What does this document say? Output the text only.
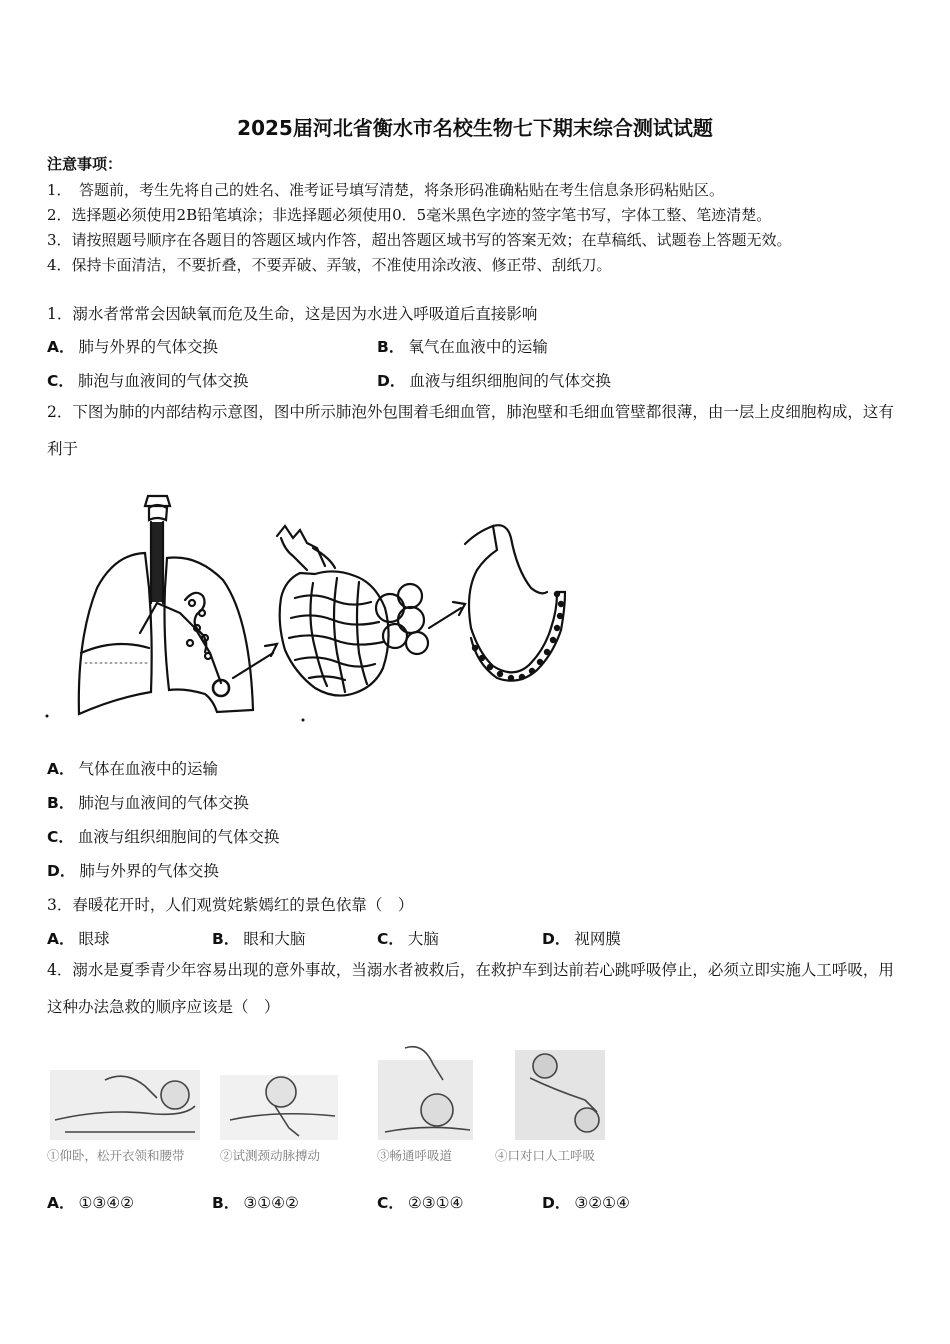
2025届河北省衡水市名校生物七下期末综合测试试题
注意事项：
1．　答题前，考生先将自己的姓名、准考证号填写清楚，将条形码准确粘贴在考生信息条形码粘贴区。
2．选择题必须使用2B铅笔填涂；非选择题必须使用0．5毫米黑色字迹的签字笔书写，字体工整、笔迹清楚。
3．请按照题号顺序在各题目的答题区域内作答，超出答题区域书写的答案无效；在草稿纸、试题卷上答题无效。
4．保持卡面清洁，不要折叠，不要弄破、弄皱，不准使用涂改液、修正带、刮纸刀。
1．溺水者常常会因缺氧而危及生命，这是因为水进入呼吸道后直接影响
A． 肺与外界的气体交换	B． 氧气在血液中的运输
C． 肺泡与血液间的气体交换	D． 血液与组织细胞间的气体交换
2．下图为肺的内部结构示意图，图中所示肺泡外包围着毛细血管，肺泡壁和毛细血管壁都很薄，由一层上皮细胞构成，这有利于
A． 气体在血液中的运输
B． 肺泡与血液间的气体交换
C． 血液与组织细胞间的气体交换
D． 肺与外界的气体交换
3．春暖花开时，人们观赏姹紫嫣红的景色依靠（　）
A． 眼球	B． 眼和大脑	C． 大脑	D． 视网膜
4．溺水是夏季青少年容易出现的意外事故，当溺水者被救后，在救护车到达前若心跳呼吸停止，必须立即实施人工呼吸，用这种办法急救的顺序应该是（　）
①仰卧，松开衣领和腰带	②试测颈动脉搏动	③畅通呼吸道	④口对口人工呼吸
A． ①③④②	B． ③①④②	C． ②③①④	D． ③②①④
